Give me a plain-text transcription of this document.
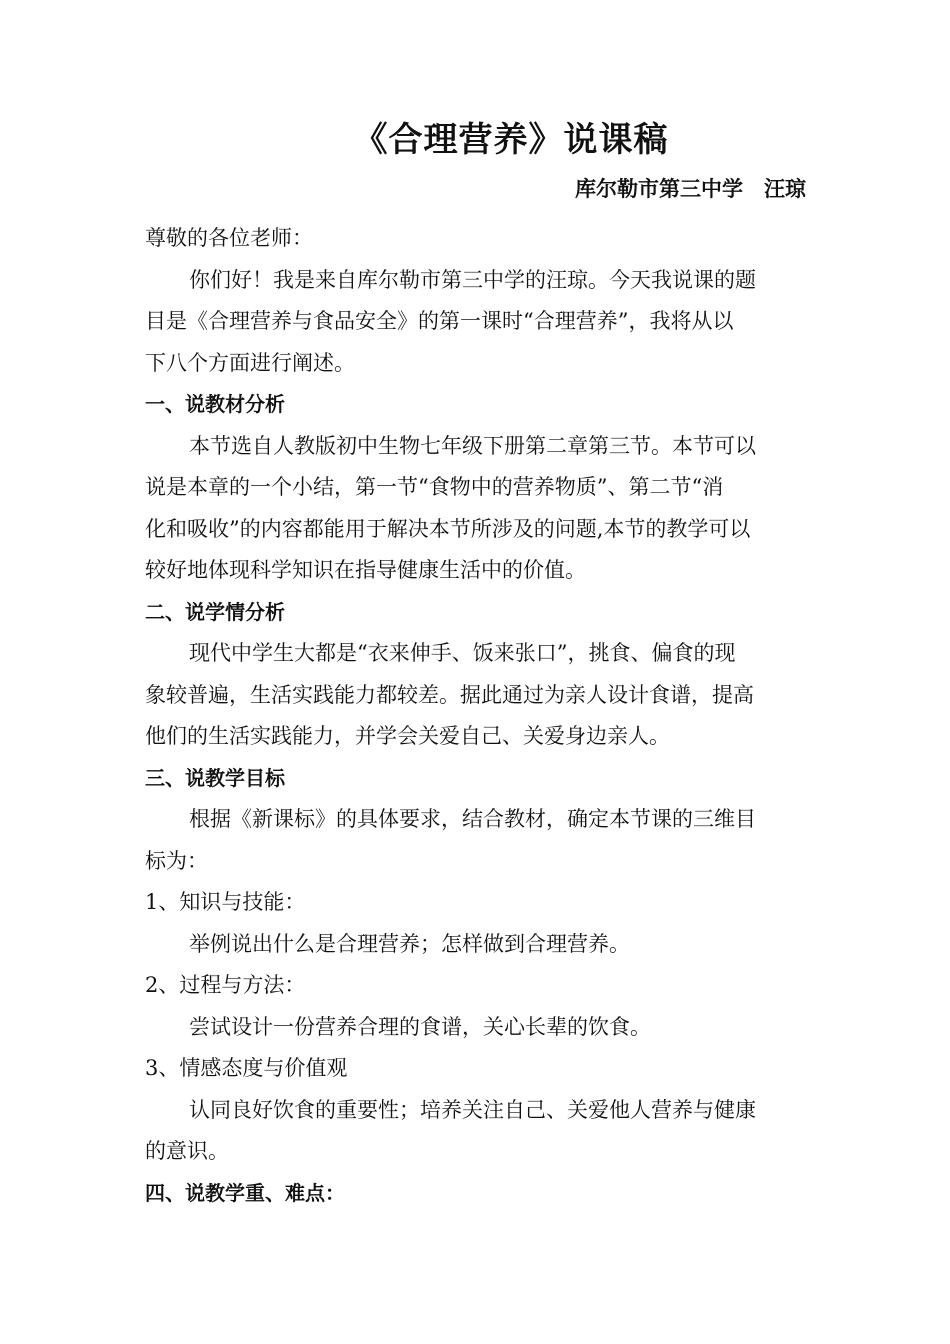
《合理营养》说课稿
库尔勒市第三中学　汪琼
尊敬的各位老师：
你们好！我是来自库尔勒市第三中学的汪琼。今天我说课的题
目是《合理营养与食品安全》的第一课时“合理营养”，我将从以
下八个方面进行阐述。
一、说教材分析
本节选自人教版初中生物七年级下册第二章第三节。本节可以
说是本章的一个小结，第一节“食物中的营养物质”、第二节“消
化和吸收”的内容都能用于解决本节所涉及的问题,本节的教学可以
较好地体现科学知识在指导健康生活中的价值。
二、说学情分析
现代中学生大都是“衣来伸手、饭来张口”，挑食、偏食的现
象较普遍，生活实践能力都较差。据此通过为亲人设计食谱，提高
他们的生活实践能力，并学会关爱自己、关爱身边亲人。
三、说教学目标
根据《新课标》的具体要求，结合教材，确定本节课的三维目
标为：
1、知识与技能：
举例说出什么是合理营养；怎样做到合理营养。
2、过程与方法：
尝试设计一份营养合理的食谱，关心长辈的饮食。
3、情感态度与价值观
认同良好饮食的重要性；培养关注自己、关爱他人营养与健康
的意识。
四、说教学重、难点：
